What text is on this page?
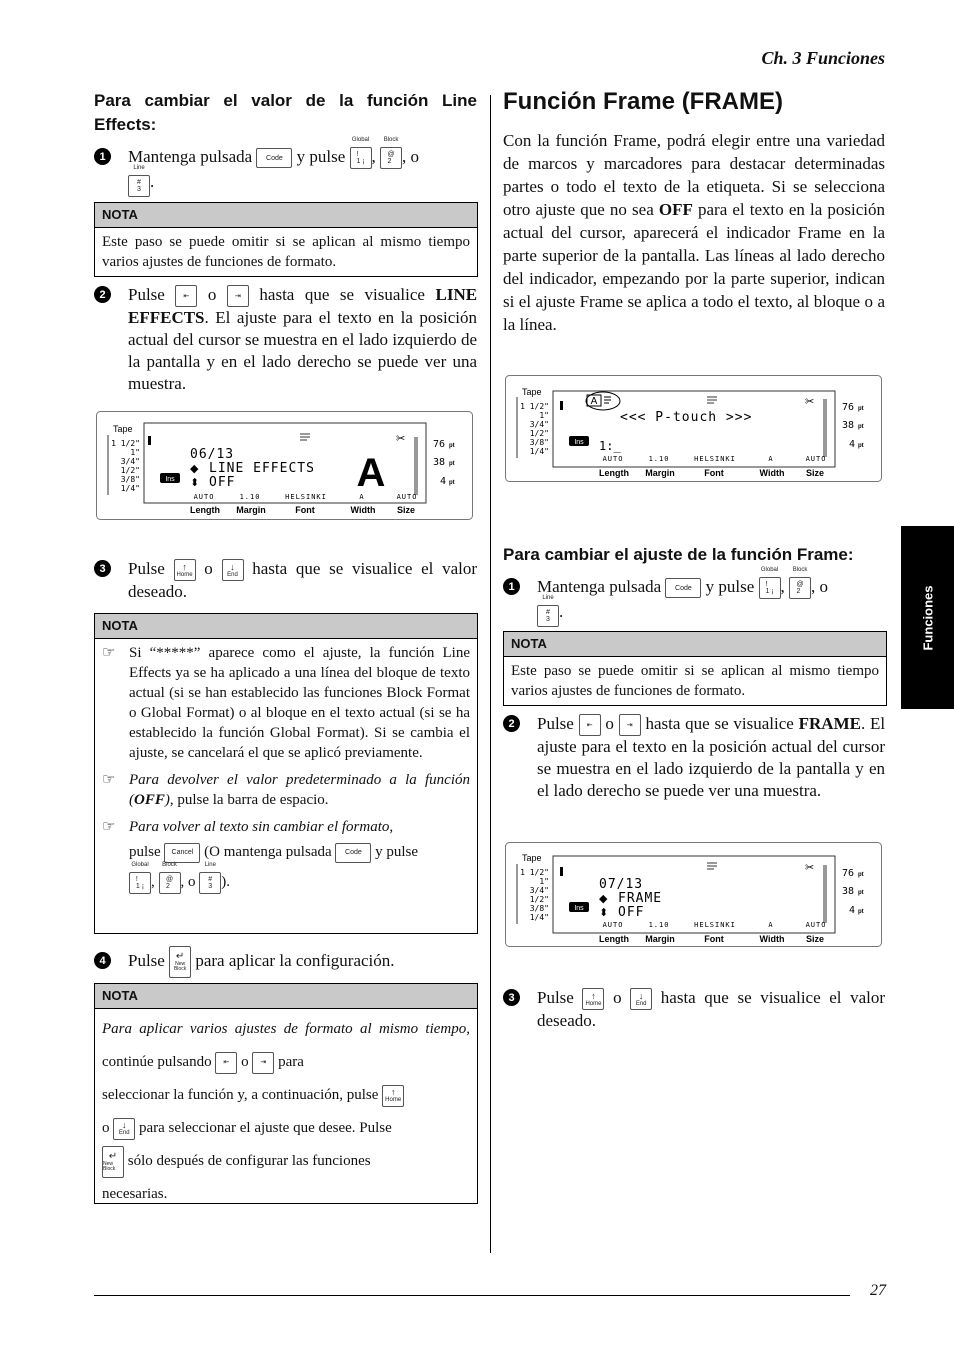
Ch. 3 Funciones
Funciones
27
Para cambiar el valor de la función Line Effects:
1	Mantenga pulsada Code y pulse
Global
!
1 ¡ ,
Block
@
2 , o

Line
#
3 .
NOTA
Este paso se puede omitir si se aplican al mismo tiempo varios ajustes de funciones de formato.
2	Pulse	⇤ o	⇥ hasta que se visualice LINE EFFECTS. El ajuste para el texto en la posición actual del cursor se muestra en el lado izquierdo de la pantalla y en el lado derecho se puede ver una muestra.
Tape
1 1/2"
1"
3/4"
1/2"
3/8"
1/4"
06/13
LINE EFFECTS
OFF
◆
⬍
Ins	A
✂
AUTO	1.10	HELSINKI	A	AUTO
Length Margin	Font	Width Size
76
38
4
pt
pt
pt
3	Pulse ↑
Home o ↓
End hasta que se visualice el valor deseado.
NOTA
☞ Si “*****” aparece como el ajuste, la función Line Effects ya se ha aplicado a una línea del bloque de texto actual (si se han establecido las funciones Block Format o Global Format) o al bloque en el texto actual (si se ha establecido la función Global Format). Si se cambia el ajuste, se cancelará el que se aplicó previamente.
☞ Para devolver el valor predeterminado a la función (OFF), pulse la barra de espacio.
☞ Para volver al texto sin cambiar el formato,
pulse Cancel (O mantenga pulsada Code y pulse

Global
!
1 ¡ ,
Block
@
2 , o
Line
#
3 ).
4	Pulse ↵
New Block para aplicar la configuración.
NOTA
Para aplicar varios ajustes de formato al mismo tiempo, continúe pulsando ⇤ o ⇥ para
seleccionar la función y, a continuación, pulse ↑
Home
o ↓
End para seleccionar el ajuste que desee. Pulse
↵
New Block sólo después de configurar las funciones
necesarias.
Función Frame (FRAME)
Con la función Frame, podrá elegir entre una variedad de marcos y marcadores para destacar determinadas partes o todo el texto de la etiqueta. Si se selecciona otro ajuste que no sea OFF para el texto en la posición actual del cursor, aparecerá el indicador Frame en la parte superior de la pantalla. Las líneas al lado derecho del indicador, empezando por la parte superior, indican si el ajuste Frame se aplica a todo el texto, al bloque o a la línea.
Tape
1 1/2"
1"
3/4"
1/2"
3/8"
1/4"
A
<<< P-touch >>>
1:_
Ins
✂
AUTO	1.10	HELSINKI	A	AUTO
Length Margin	Font	Width Size
76
38
4
pt
pt
pt
Para cambiar el ajuste de la función Frame:
1	Mantenga pulsada Code y pulse
Global
!
1 ¡ ,
Block
@
2 , o

Line
#
3 .
NOTA
Este paso se puede omitir si se aplican al mismo tiempo varios ajustes de funciones de formato.
2	Pulse ⇤ o ⇥ hasta que se visualice FRAME. El ajuste para el texto en la posición actual del cursor se muestra en el lado izquierdo de la pantalla y en el lado derecho se puede ver una muestra.
Tape
1 1/2"
1"
3/4"
1/2"
3/8"
1/4"
07/13
FRAME
OFF
◆
⬍
Ins
✂
AUTO	1.10	HELSINKI	A	AUTO
Length Margin	Font	Width Size
76
38
4
pt
pt
pt
3	Pulse ↑
Home o ↓
End hasta que se visualice el valor deseado.
